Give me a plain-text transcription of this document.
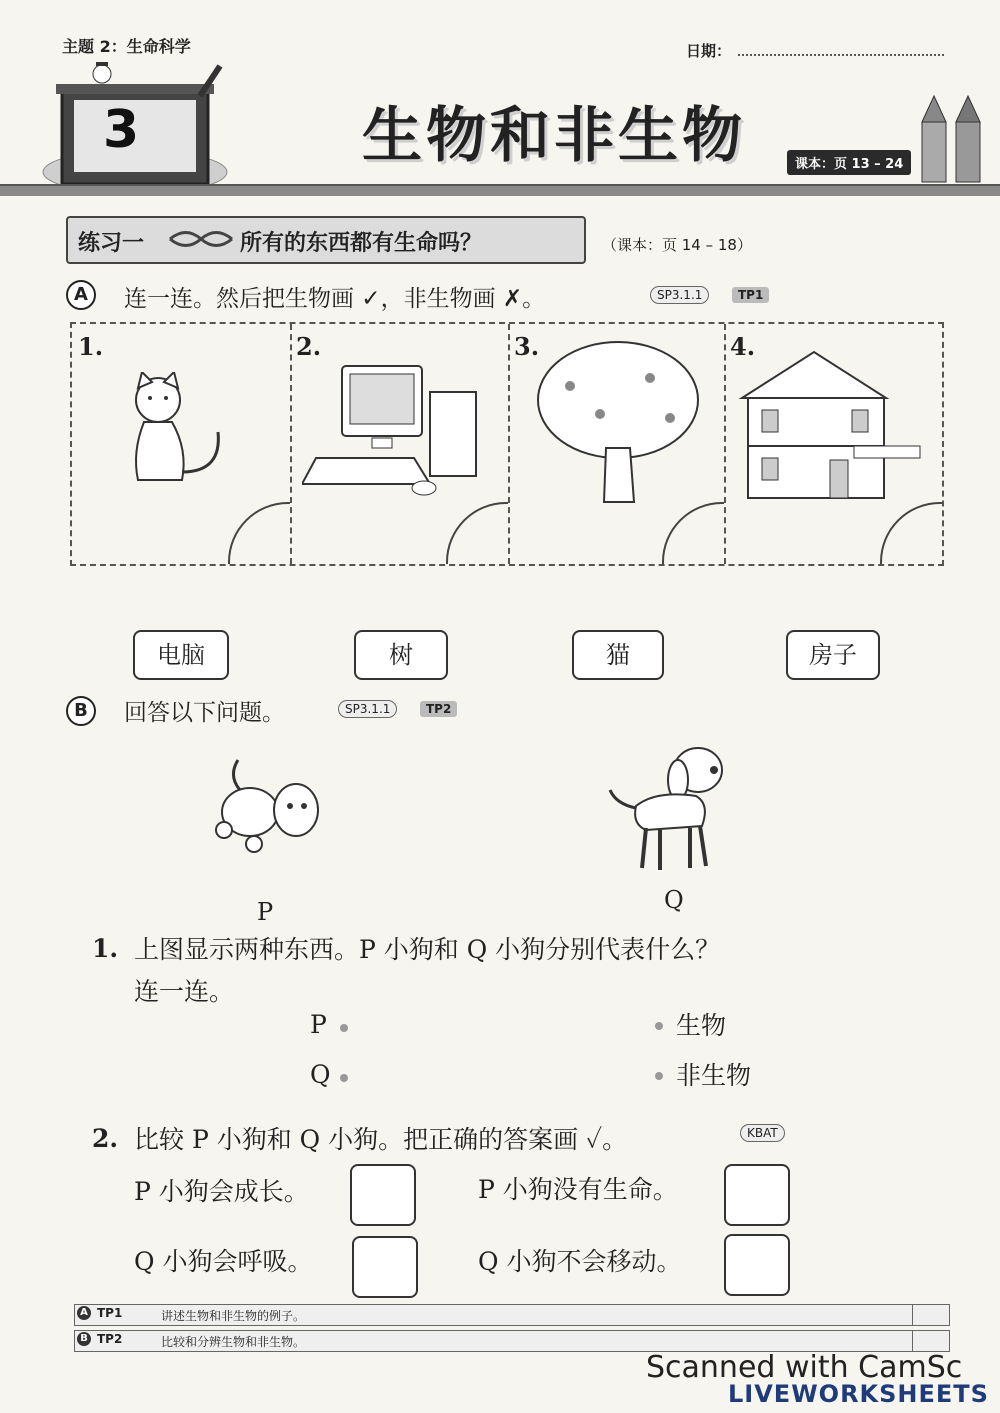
主题 2：生命科学	日期：
3	生物和非生物	课本：页 13 – 24
练习一	所有的东西都有生命吗？	（课本：页 14 – 18）
A	连一连。然后把生物画 ✓，非生物画 ✗。	SP3.1.1	TP1
1.	2.	3.	4.
电脑	树	猫	房子
B	回答以下问题。	SP3.1.1	TP2
P	Q
1. 上图显示两种东西。P 小狗和 Q 小狗分别代表什么？
连一连。
P
Q
生物
非生物
2. 比较 P 小狗和 Q 小狗。把正确的答案画 ✓。	KBAT
P 小狗会成长。	P 小狗没有生命。
Q 小狗会呼吸。	Q 小狗不会移动。
A TP1	讲述生物和非生物的例子。
B TP2	比较和分辨生物和非生物。
Scanned with CamSc
LIVEWORKSHEETS
